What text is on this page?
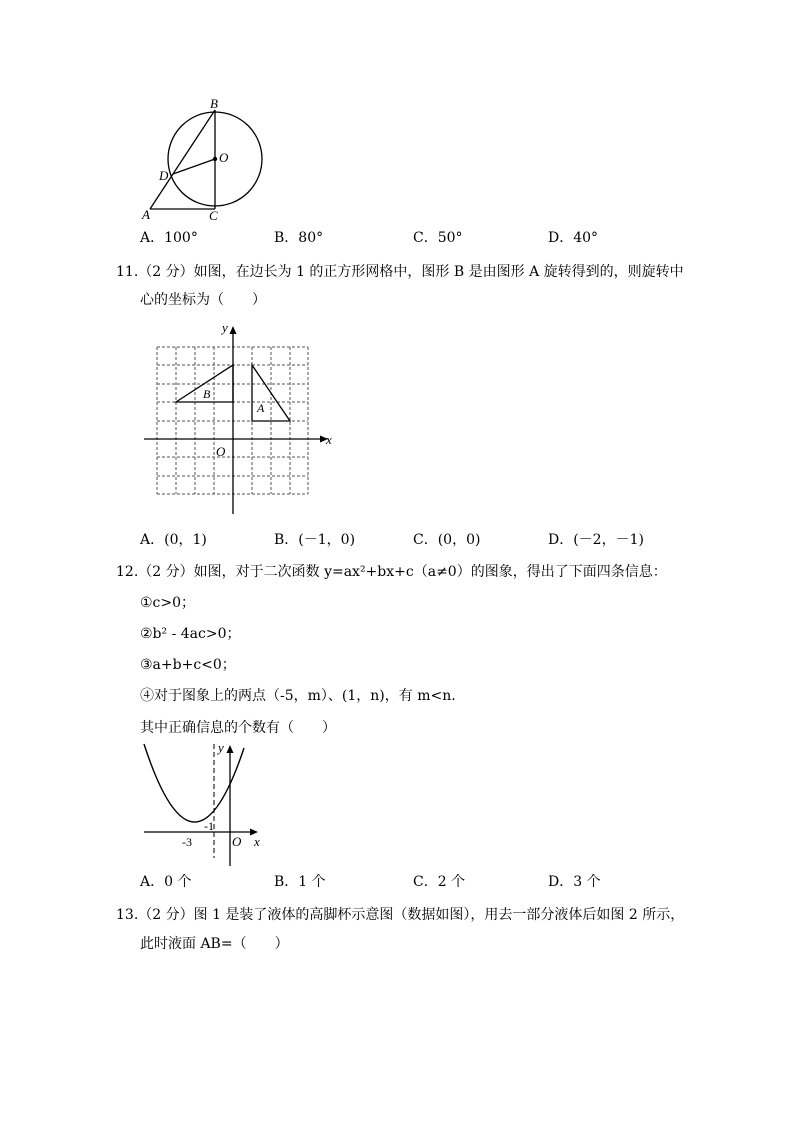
B
O
D
A	C
A．100°	B．80°	C．50°	D．40°
11.（2 分）如图，在边长为 1 的正方形网格中，图形 B 是由图形 A 旋转得到的，则旋转中
心的坐标为（　　）
y
x
O
B
A
A．(0，1)	B．(－1，0)	C．(0，0)	D．(－2，－1)
12.（2 分）如图，对于二次函数 y=ax²+bx+c（a≠0）的图象，得出了下面四条信息：
①c>0；
②b² - 4ac>0；
③a+b+c<0；
④对于图象上的两点（-5，m）、(1，n)，有 m<n.
其中正确信息的个数有（　　）
y
x
O
-3
-1
A．0 个	B．1 个	C．2 个	D．3 个
13.（2 分）图 1 是装了液体的高脚杯示意图（数据如图），用去一部分液体后如图 2 所示，
此时液面 AB=（　　）
